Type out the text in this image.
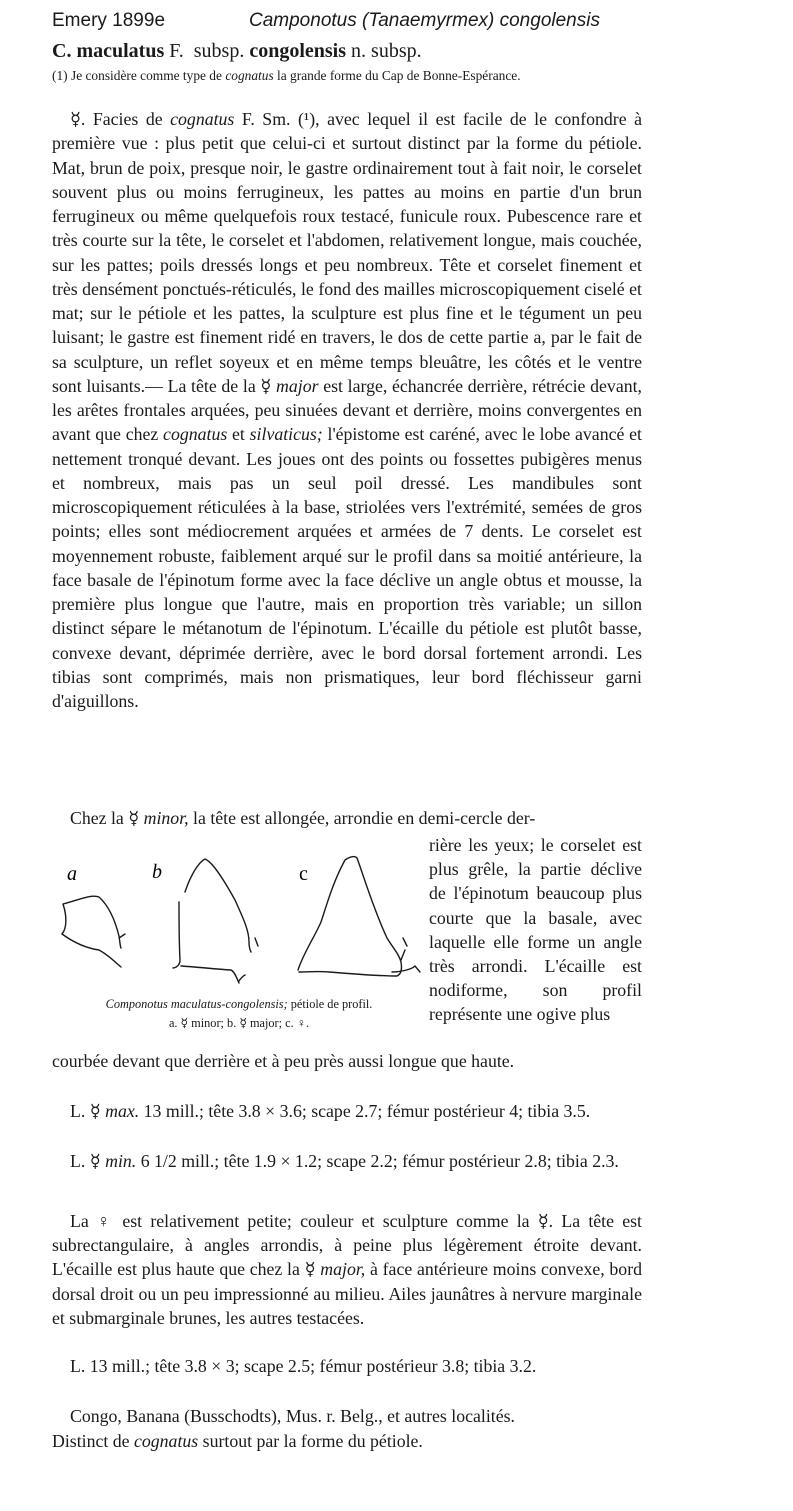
Emery 1899e	Camponotus (Tanaemyrmex) congolensis
C. maculatus F. subsp. congolensis n. subsp.
(1) Je considère comme type de cognatus la grande forme du Cap de Bonne-Espérance.

☿. Facies de cognatus F. Sm. (¹), avec lequel il est facile de le confondre à première vue : plus petit que celui-ci et surtout distinct par la forme du pétiole. Mat, brun de poix, presque noir, le gastre ordinairement tout à fait noir, le corselet souvent plus ou moins ferrugineux, les pattes au moins en partie d'un brun ferrugineux ou même quelquefois roux testacé, funicule roux. Pubescence rare et très courte sur la tête, le corselet et l'abdomen, relativement longue, mais couchée, sur les pattes; poils dressés longs et peu nombreux. Tête et corselet finement et très densément ponctués-réticulés, le fond des mailles microscopiquement ciselé et mat; sur le pétiole et les pattes, la sculpture est plus fine et le tégument un peu luisant; le gastre est finement ridé en travers, le dos de cette partie a, par le fait de sa sculpture, un reflet soyeux et en même temps bleuâtre, les côtés et le ventre sont luisants.— La tête de la ☿ major est large, échancrée derrière, rétrécie devant, les arêtes frontales arquées, peu sinuées devant et derrière, moins convergentes en avant que chez cognatus et silvaticus; l'épistome est caréné, avec le lobe avancé et nettement tronqué devant. Les joues ont des points ou fossettes pubigères menus et nombreux, mais pas un seul poil dressé. Les mandibules sont microscopiquement réticulées à la base, striolées vers l'extrémité, semées de gros points; elles sont médiocrement arquées et armées de 7 dents. Le corselet est moyennement robuste, faiblement arqué sur le profil dans sa moitié antérieure, la face basale de l'épinotum forme avec la face déclive un angle obtus et mousse, la première plus longue que l'autre, mais en proportion très variable; un sillon distinct sépare le métanotum de l'épinotum. L'écaille du pétiole est plutôt basse, convexe devant, déprimée derrière, avec le bord dorsal fortement arrondi. Les tibias sont comprimés, mais non prismatiques, leur bord fléchisseur garni d'aiguillons.

Chez la ☿ minor, la tête est allongée, arrondie en demi-cercle der-
a	b	c
Componotus maculatus-congolensis; pétiole de profil.
a. ☿ minor; b. ☿ major; c. ♀.

rière les yeux; le corselet est plus grêle, la partie déclive de l'épinotum beaucoup plus courte que la basale, avec laquelle elle forme un angle très arrondi. L'écaille est nodiforme, son profil représente une ogive plus

courbée devant que derrière et à peu près aussi longue que haute.

L. ☿ max. 13 mill.; tête 3.8 × 3.6; scape 2.7; fémur postérieur 4; tibia 3.5.

L. ☿ min. 6 1/2 mill.; tête 1.9 × 1.2; scape 2.2; fémur postérieur 2.8; tibia 2.3.

La ♀ est relativement petite; couleur et sculpture comme la ☿. La tête est subrectangulaire, à angles arrondis, à peine plus légèrement étroite devant. L'écaille est plus haute que chez la ☿ major, à face antérieure moins convexe, bord dorsal droit ou un peu impressionné au milieu. Ailes jaunâtres à nervure marginale et submarginale brunes, les autres testacées.

L. 13 mill.; tête 3.8 × 3; scape 2.5; fémur postérieur 3.8; tibia 3.2.

Congo, Banana (Busschodts), Mus. r. Belg., et autres localités.
Distinct de cognatus surtout par la forme du pétiole.
